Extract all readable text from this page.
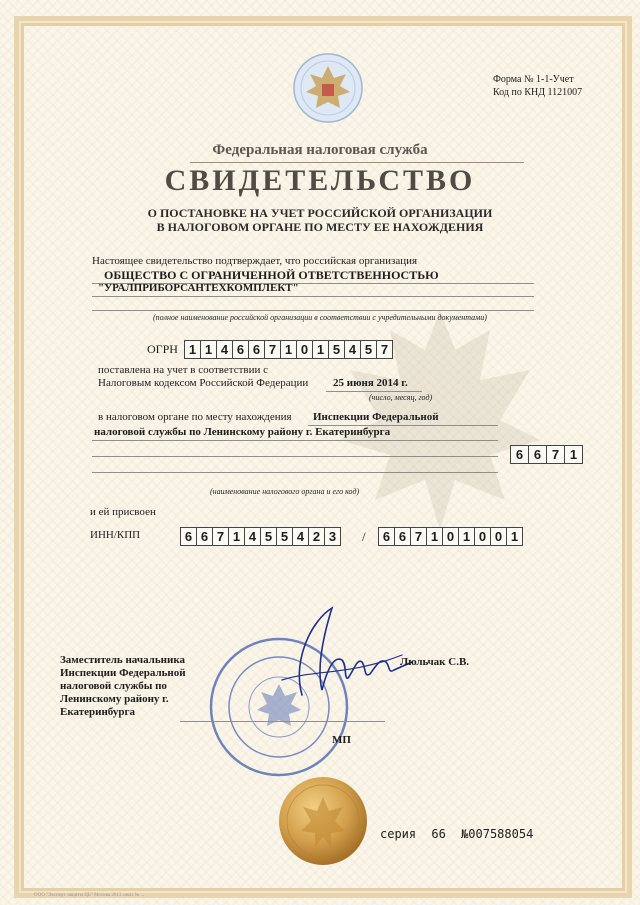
Форма № 1-1-Учет
Код по КНД 1121007
Федеральная налоговая служба
СВИДЕТЕЛЬСТВО
О ПОСТАНОВКЕ НА УЧЕТ РОССИЙСКОЙ ОРГАНИЗАЦИИ
В НАЛОГОВОМ ОРГАНЕ ПО МЕСТУ ЕЕ НАХОЖДЕНИЯ
Настоящее свидетельство подтверждает, что российская организация
ОБЩЕСТВО С ОГРАНИЧЕННОЙ ОТВЕТСТВЕННОСТЬЮ
"УРАЛПРИБОРСАНТЕХКОМПЛЕКТ"
(полное наименование российской организации в соответствии с учредительными документами)
ОГРН 1 1 4 6 6 7 1 0 1 5 4 5 7
поставлена на учет в соответствии с
Налоговым кодексом Российской Федерации 25 июня 2014 г.
(число, месяц, год)
в налоговом органе по месту нахождения Инспекции Федеральной
налоговой службы по Ленинскому району г. Екатеринбурга
6 6 7 1
(наименование налогового органа и его код)
и ей присвоен
ИНН/КПП	6 6 7 1 4 5 5 4 2 3 / 6 6 7 1 0 1 0 0 1
Заместитель начальника
Инспекции Федеральной
налоговой службы по
Ленинскому району г.
Екатеринбурга
Люльчак С.В.
МП
серия 66 №007588054
ООО "Эксперт защиты ЦБ" Москва 2013 заказ № ...
